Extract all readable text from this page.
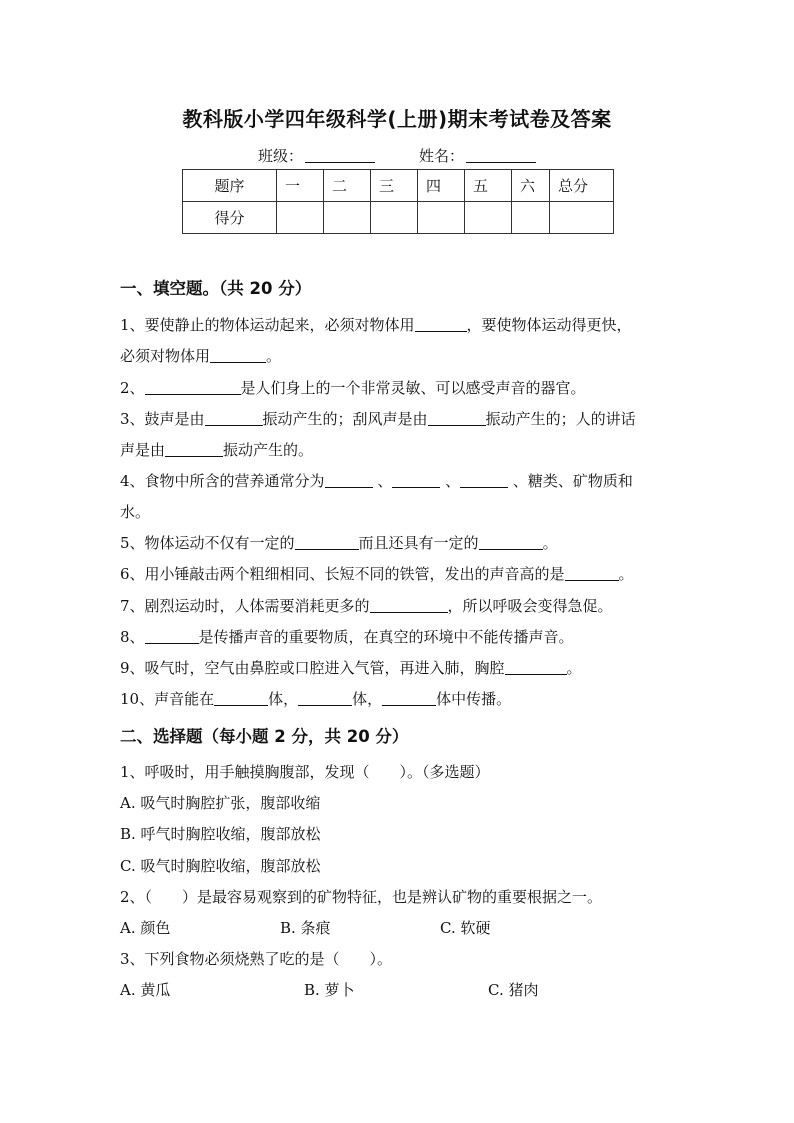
教科版小学四年级科学(上册)期末考试卷及答案
班级：	姓名：
题序	一	二	三	四	五	六	总分
得分							
一、填空题。（共 20 分）
1、要使静止的物体运动起来，必须对物体用	，要使物体运动得更快，
必须对物体用	。
2、	是人们身上的一个非常灵敏、可以感受声音的器官。
3、鼓声是由	振动产生的；刮风声是由	振动产生的；人的讲话
声是由	振动产生的。
4、食物中所含的营养通常分为	、	、	、糖类、矿物质和
水。
5、物体运动不仅有一定的	而且还具有一定的	。
6、用小锤敲击两个粗细相同、长短不同的铁管，发出的声音高的是	。
7、剧烈运动时，人体需要消耗更多的	，所以呼吸会变得急促。
8、	是传播声音的重要物质，在真空的环境中不能传播声音。
9、吸气时，空气由鼻腔或口腔进入气管，再进入肺，胸腔	。
10、声音能在	体，	体，	体中传播。
二、选择题（每小题 2 分，共 20 分）
1、呼吸时，用手触摸胸腹部，发现（　　）。（多选题）
A. 吸气时胸腔扩张，腹部收缩
B. 呼气时胸腔收缩，腹部放松
C. 吸气时胸腔收缩，腹部放松
2、（　　）是最容易观察到的矿物特征，也是辨认矿物的重要根据之一。
A. 颜色	B. 条痕	C. 软硬
3、下列食物必须烧熟了吃的是（　　）。
A. 黄瓜	B. 萝卜	C. 猪肉
